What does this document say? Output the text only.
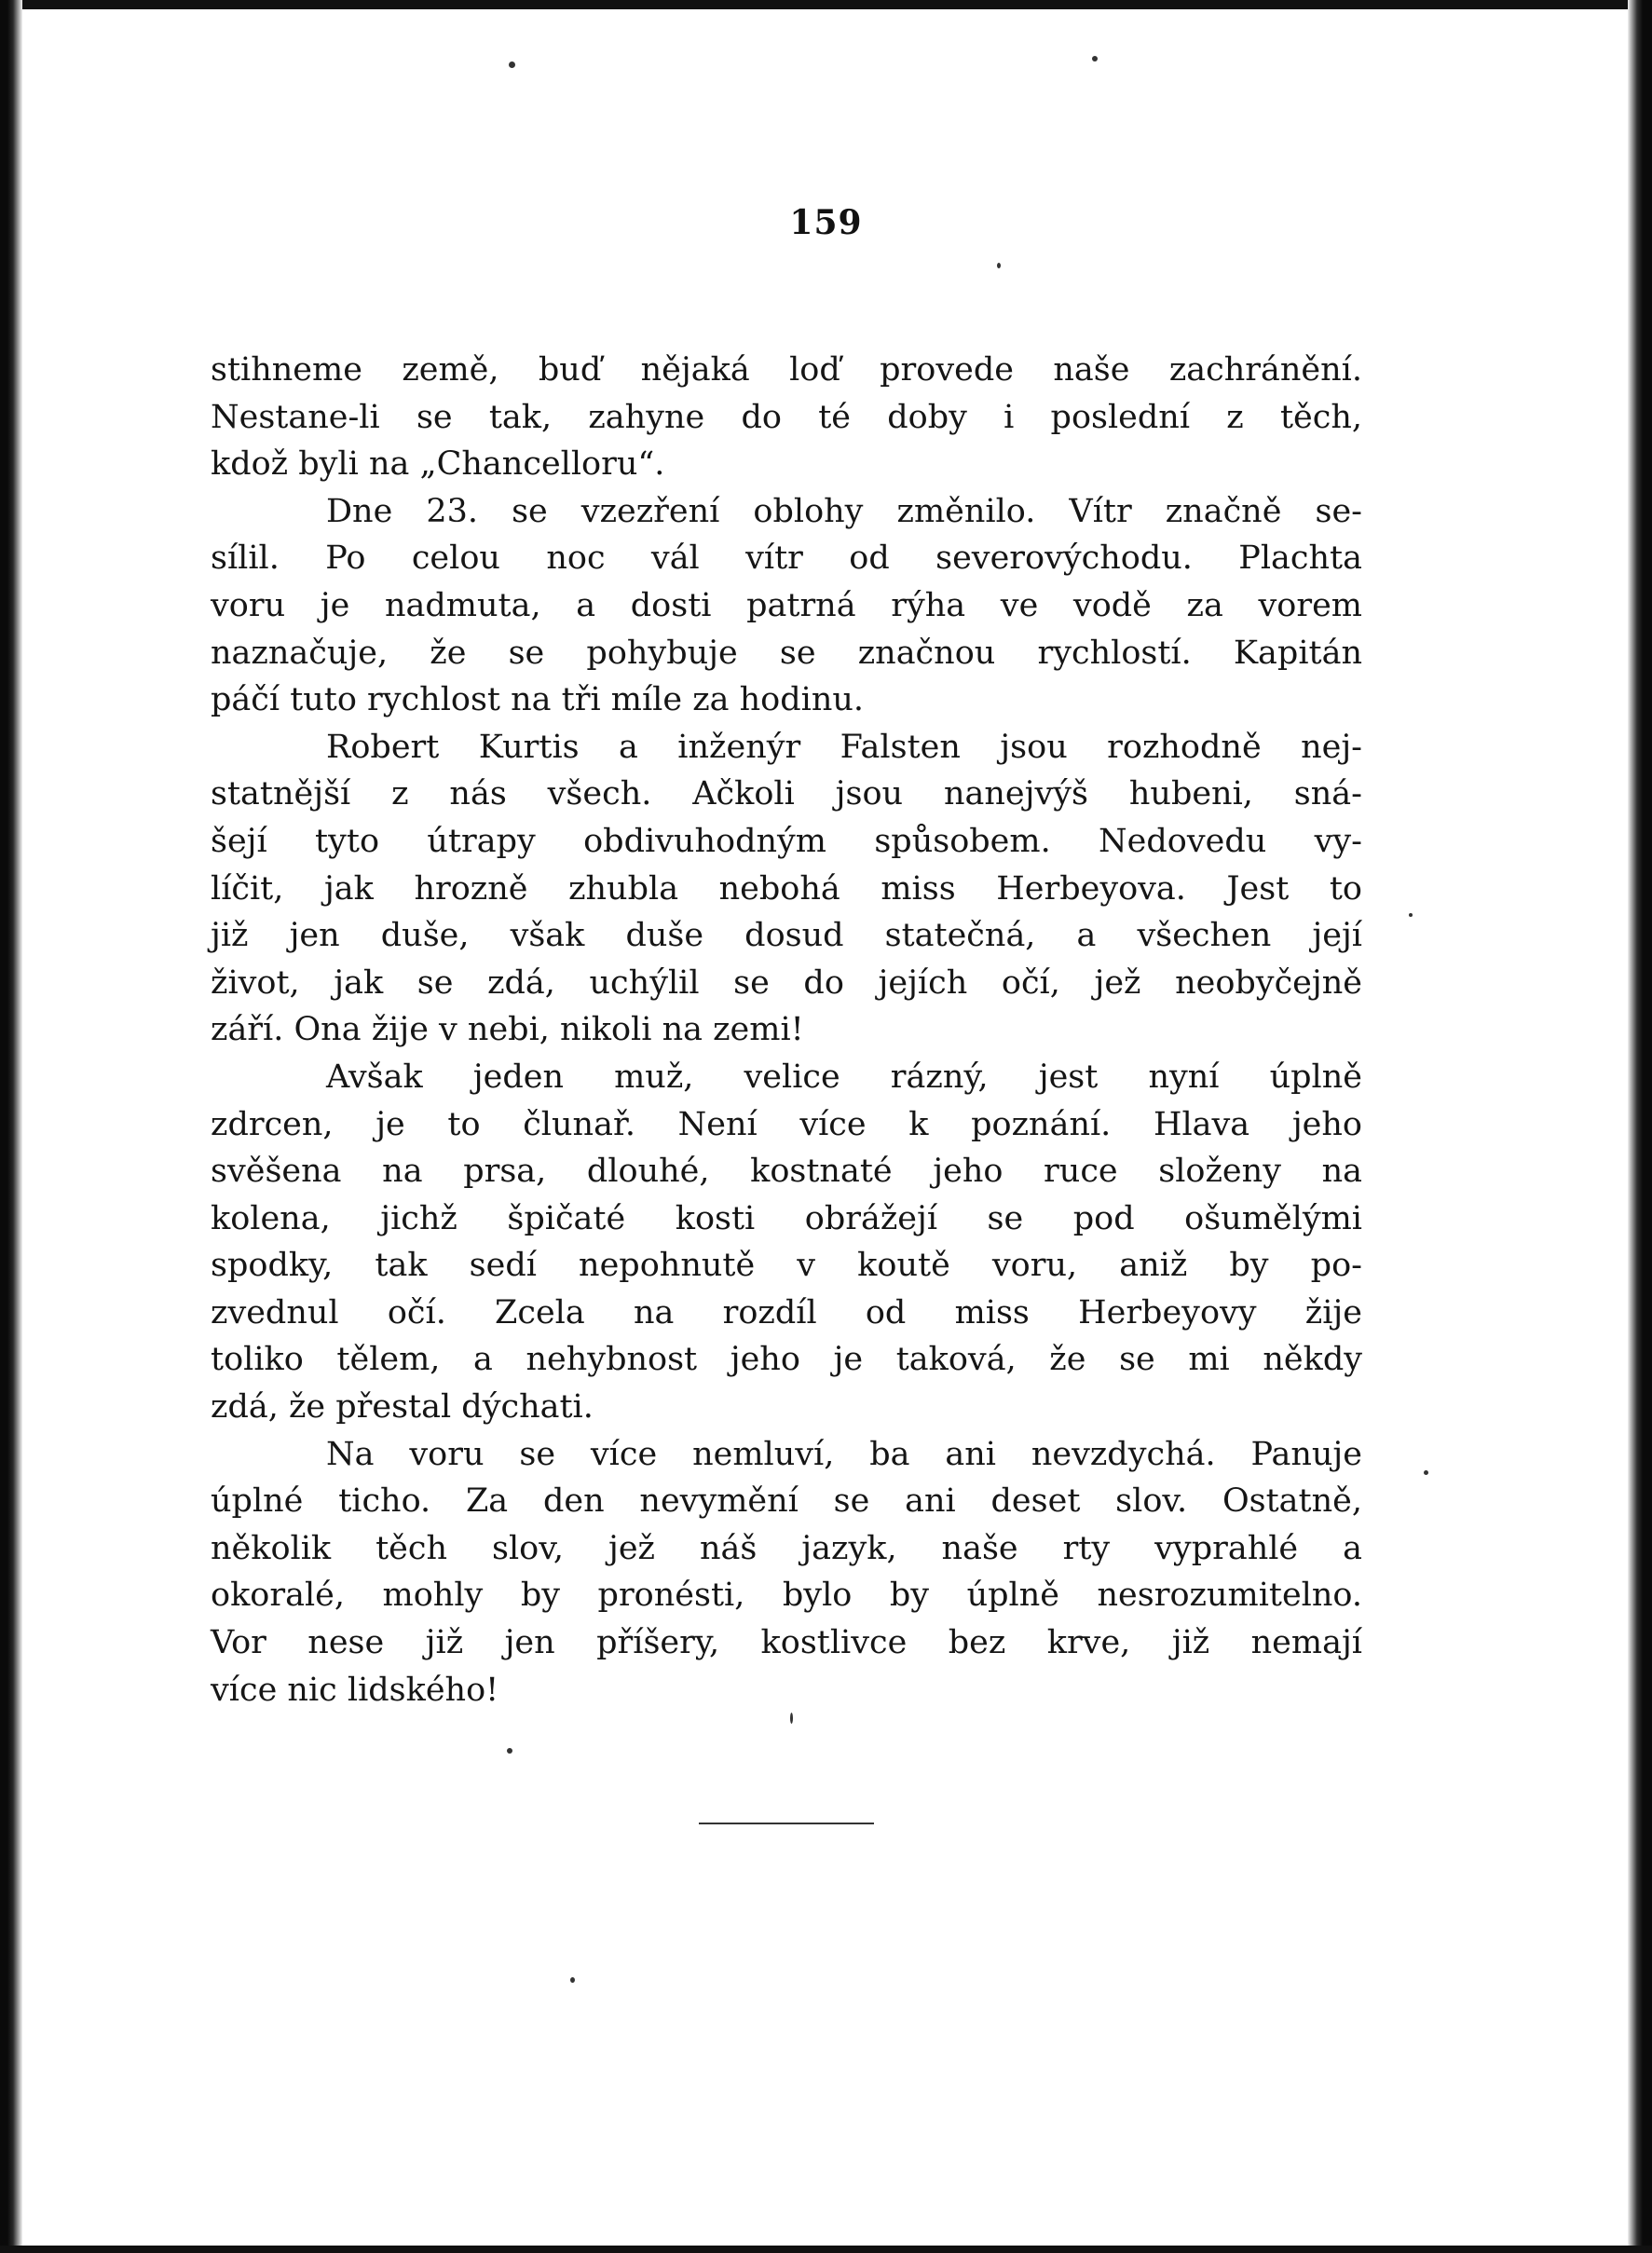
159
stihneme země, buď nějaká loď provede naše zachránění.
Nestane-li se tak, zahyne do té doby i poslední z těch,
kdož byli na „Chancelloru“.
Dne 23. se vzezření oblohy změnilo. Vítr značně se-
sílil. Po celou noc vál vítr od severovýchodu. Plachta
voru je nadmuta, a dosti patrná rýha ve vodě za vorem
naznačuje, že se pohybuje se značnou rychlostí. Kapitán
páčí tuto rychlost na tři míle za hodinu.
Robert Kurtis a inženýr Falsten jsou rozhodně nej-
statnější z nás všech. Ačkoli jsou nanejvýš hubeni, sná-
šejí tyto útrapy obdivuhodným spůsobem. Nedovedu vy-
líčit, jak hrozně zhubla nebohá miss Herbeyova. Jest to
již jen duše, však duše dosud statečná, a všechen její
život, jak se zdá, uchýlil se do jejích očí, jež neobyčejně
září. Ona žije v nebi, nikoli na zemi!
Avšak jeden muž, velice rázný, jest nyní úplně
zdrcen, je to člunař. Není více k poznání. Hlava jeho
svěšena na prsa, dlouhé, kostnaté jeho ruce složeny na
kolena, jichž špičaté kosti obrážejí se pod ošumělými
spodky, tak sedí nepohnutě v koutě voru, aniž by po-
zvednul očí. Zcela na rozdíl od miss Herbeyovy žije
toliko tělem, a nehybnost jeho je taková, že se mi někdy
zdá, že přestal dýchati.
Na voru se více nemluví, ba ani nevzdychá. Panuje
úplné ticho. Za den nevymění se ani deset slov. Ostatně,
několik těch slov, jež náš jazyk, naše rty vyprahlé a
okoralé, mohly by pronésti, bylo by úplně nesrozumitelno.
Vor nese již jen příšery, kostlivce bez krve, již nemají
více nic lidského!
